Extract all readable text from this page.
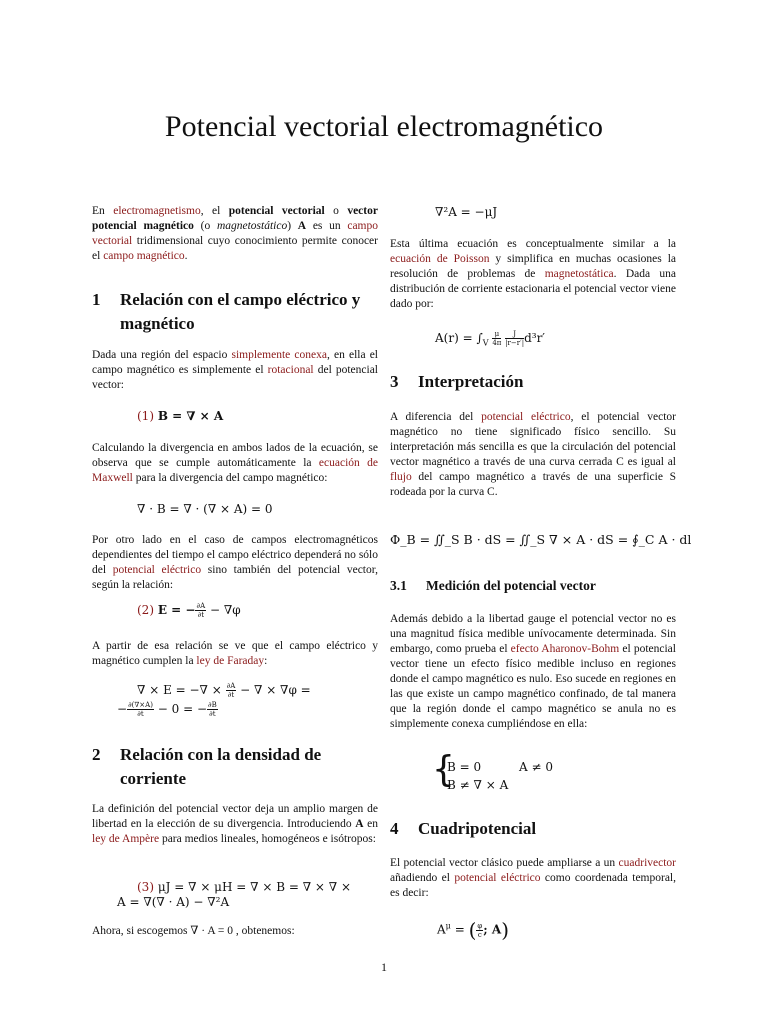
Potencial vectorial electromagnético

En electromagnetismo, el potencial vectorial o vector potencial magnético (o magnetostático) A es un campo vectorial tridimensional cuyo conocimiento permite conocer el campo magnético.

1 Relación con el campo eléctrico y magnético

Dada una región del espacio simplemente conexa, en ella el campo magnético es simplemente el rotacional del potencial vector:

(1) B = ∇ × A

Calculando la divergencia en ambos lados de la ecuación, se observa que se cumple automáticamente la ecuación de Maxwell para la divergencia del campo magnético:

∇ · B = ∇ · (∇ × A) = 0

Por otro lado en el caso de campos electromagnéticos dependientes del tiempo el campo eléctrico dependerá no sólo del potencial eléctrico sino también del potencial vector, según la relación:

(2) E = − $\frac{\partial A}{\partial t} - \nabla\varphi$

A partir de esa relación se ve que el campo eléctrico y magnético cumplen la ley de Faraday:

∇ × E = −∇ × $\frac{\partial A}{\partial t}$ − ∇ × ∇φ =
− $\frac{\partial(\nabla\times A)}{\partial t} - 0$ = − $\frac{\partial B}{\partial t}$
2 Relación con la densidad de corriente

La definición del potencial vector deja un amplio margen de libertad en la elección de su divergencia. Introduciendo A en ley de Ampère para medios lineales, homogéneos e isótropos:

(3) μJ = ∇ × μH = ∇ × B = ∇ × ∇ ×
A = ∇(∇ · A) − ∇²A

Ahora, si escogemos ∇ · A = 0 , obtenemos:

∇²A = −μJ

Esta última ecuación es conceptualmente similar a la ecuación de Poisson y simplifica en muchas ocasiones la resolución de problemas de magnetostática. Dada una distribución de corriente estacionaria el potencial vector viene dado por:

$A(r) = \int_V \frac{\mu}{4\pi}$
$\frac{J}{|r-r'|} d^3r'$
3 Interpretación

A diferencia del potencial eléctrico, el potencial vector magnético no tiene significado físico sencillo. Su interpretación más sencilla es que la circulación del potencial vector magnético a través de una curva cerrada C es igual al flujo del campo magnético a través de una superficie S rodeada por la curva C.

Φ_B = ∬_S B · dS = ∬_S ∇ × A · dS = ∮_C A · dl
3.1 Medición del potencial vector

Además debido a la libertad gauge el potencial vector no es una magnitud física medible unívocamente determinada. Sin embargo, como prueba el efecto Aharonov-Bohm el potencial vector tiene un efecto físico medible incluso en regiones donde el campo magnético es nulo. Eso sucede en regiones en las que existe un campo magnético confinado, de tal manera que la región donde el campo magnético se anula no es simplemente conexa cumpliéndose en ella:

{
B = 0
B ≠ ∇ × A
A ≠ 0
4 Cuadripotencial

El potencial vector clásico puede ampliarse a un cuadrivector añadiendo el potencial eléctrico como coordenada temporal, es decir:

$A^\mu$ = ( $\frac{\varphi}{c}$ ; A)
1
